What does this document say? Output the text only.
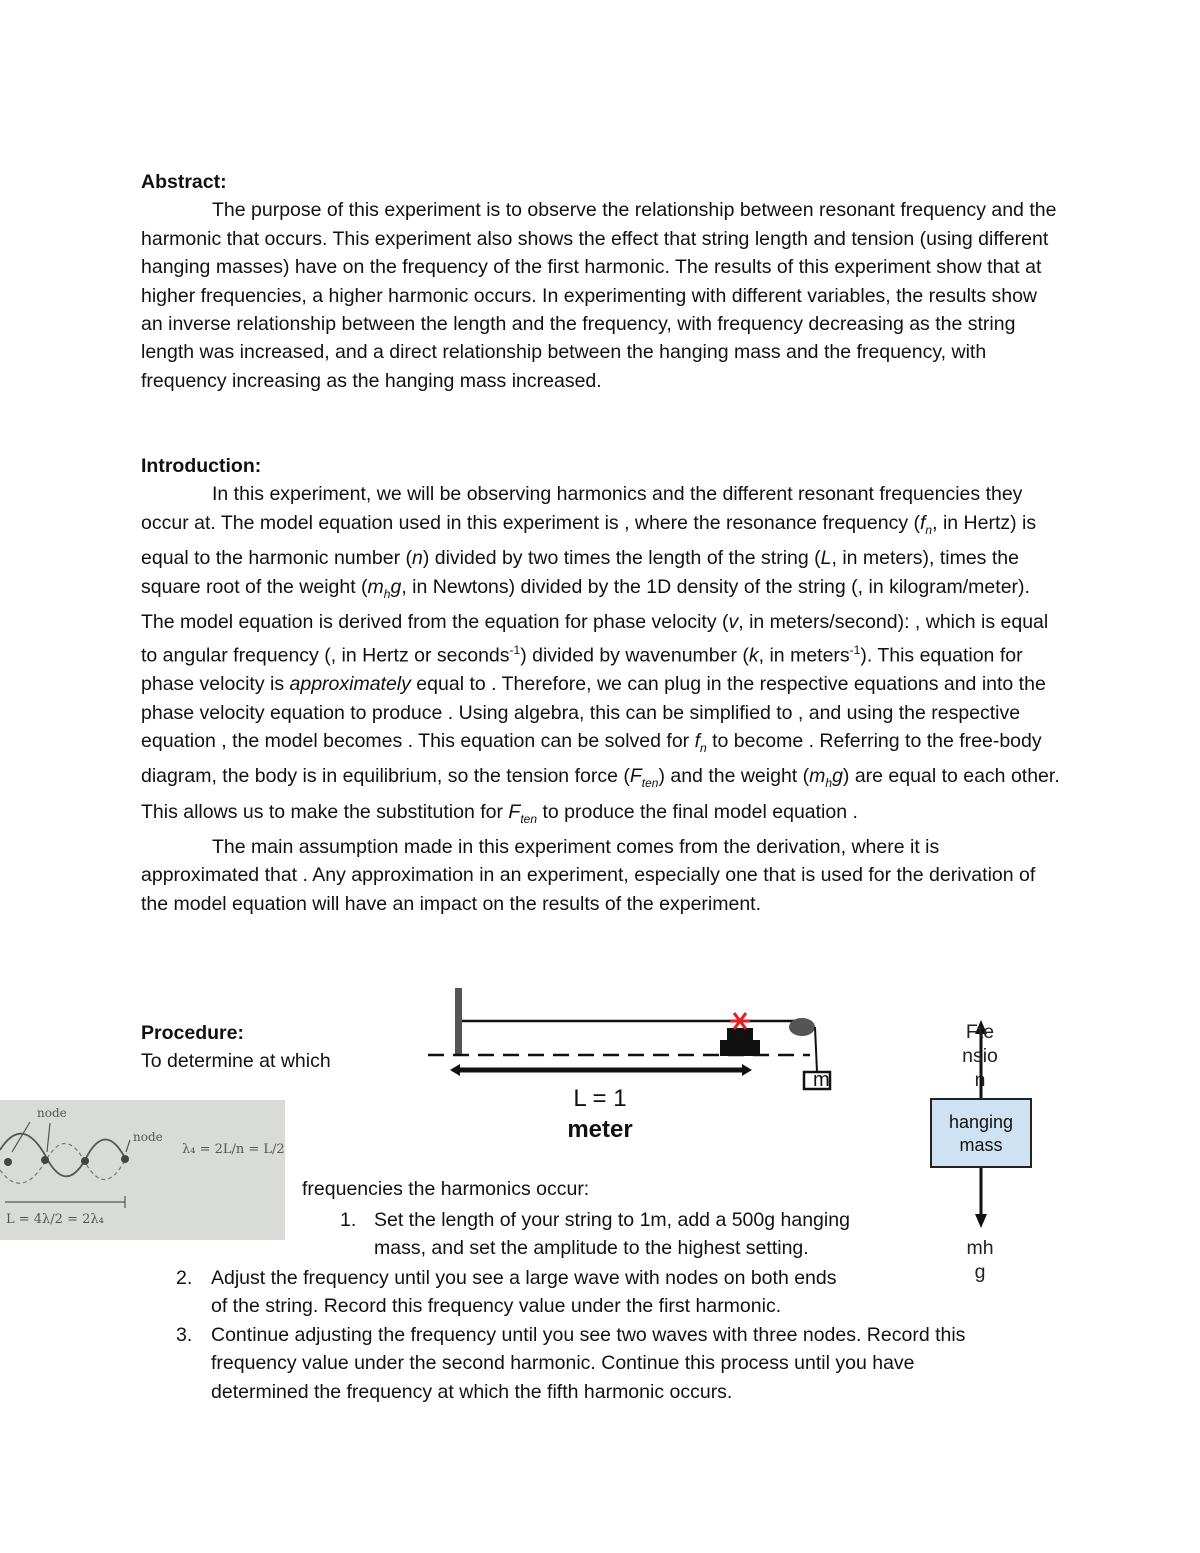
Abstract:

The purpose of this experiment is to observe the relationship between resonant frequency and the harmonic that occurs. This experiment also shows the effect that string length and tension (using different hanging masses) have on the frequency of the first harmonic. The results of this experiment show that at higher frequencies, a higher harmonic occurs. In experimenting with different variables, the results show an inverse relationship between the length and the frequency, with frequency decreasing as the string length was increased, and a direct relationship between the hanging mass and the frequency, with frequency increasing as the hanging mass increased.

Introduction:

In this experiment, we will be observing harmonics and the different resonant frequencies they occur at. The model equation used in this experiment is , where the resonance frequency ($f_n$, in Hertz) is equal to the harmonic number (n) divided by two times the length of the string (L, in meters), times the square root of the weight ($m_hg$, in Newtons) divided by the 1D density of the string (, in kilogram/meter). The model equation is derived from the equation for phase velocity (v, in meters/second): , which is equal to angular frequency (, in Hertz or seconds$^{-1}$) divided by wavenumber (k, in meters$^{-1}$). This equation for phase velocity is approximately equal to . Therefore, we can plug in the respective equations and into the phase velocity equation to produce . Using algebra, this can be simplified to , and using the respective equation , the model becomes . This equation can be solved for $f_n$ to become . Referring to the free-body diagram, the body is in equilibrium, so the tension force $(F_{ten})$ and the weight $(m_hg)$ are equal to each other. This allows us to make the substitution for $F_{ten}$ to produce the final model equation .

The main assumption made in this experiment comes from the derivation, where it is approximated that . Any approximation in an experiment, especially one that is used for the derivation of the model equation will have an impact on the results of the experiment.

Procedure:
To determine at which
m
L = 1
meter
Fte
nsio
n
hanging
mass
mh
g
node
node
λ₄ = 2L/n = L/2
L = 4λ/2 = 2λ₄
frequencies the harmonics occur:
1. Set the length of your string to 1m, add a 500g hanging
mass, and set the amplitude to the highest setting.
2. Adjust the frequency until you see a large wave with nodes on both ends
of the string. Record this frequency value under the first harmonic.
3. Continue adjusting the frequency until you see two waves with three nodes. Record this
frequency value under the second harmonic. Continue this process until you have
determined the frequency at which the fifth harmonic occurs.
